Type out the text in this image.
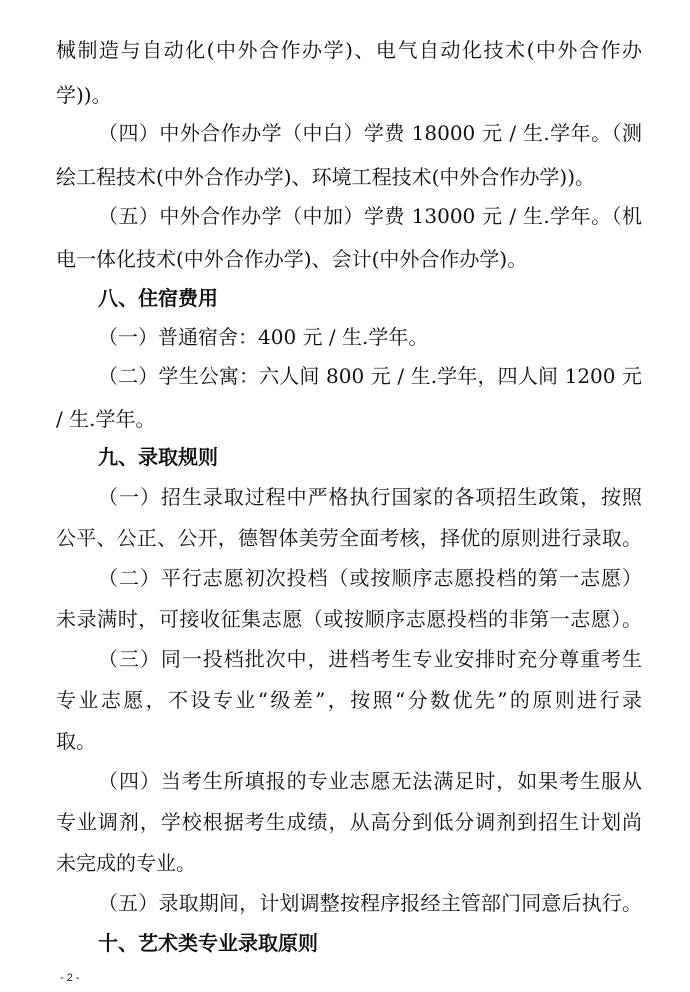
械制造与自动化(中外合作办学)、电气自动化技术(中外合作办
学))。
（四）中外合作办学（中白）学费 18000 元 / 生.学年。（测
绘工程技术(中外合作办学)、环境工程技术(中外合作办学))。
（五）中外合作办学（中加）学费 13000 元 / 生.学年。（机
电一体化技术(中外合作办学)、会计(中外合作办学)。
八、住宿费用
（一）普通宿舍：400 元 / 生.学年。
（二）学生公寓：六人间 800 元 / 生.学年，四人间 1200 元
/ 生.学年。
九、录取规则
（一）招生录取过程中严格执行国家的各项招生政策，按照
公平、公正、公开，德智体美劳全面考核，择优的原则进行录取。
（二）平行志愿初次投档（或按顺序志愿投档的第一志愿）
未录满时，可接收征集志愿（或按顺序志愿投档的非第一志愿）。
（三）同一投档批次中，进档考生专业安排时充分尊重考生
专业志愿，不设专业“级差”，按照“分数优先”的原则进行录
取。
（四）当考生所填报的专业志愿无法满足时，如果考生服从
专业调剂，学校根据考生成绩，从高分到低分调剂到招生计划尚
未完成的专业。
（五）录取期间，计划调整按程序报经主管部门同意后执行。
十、艺术类专业录取原则
- 2 -
